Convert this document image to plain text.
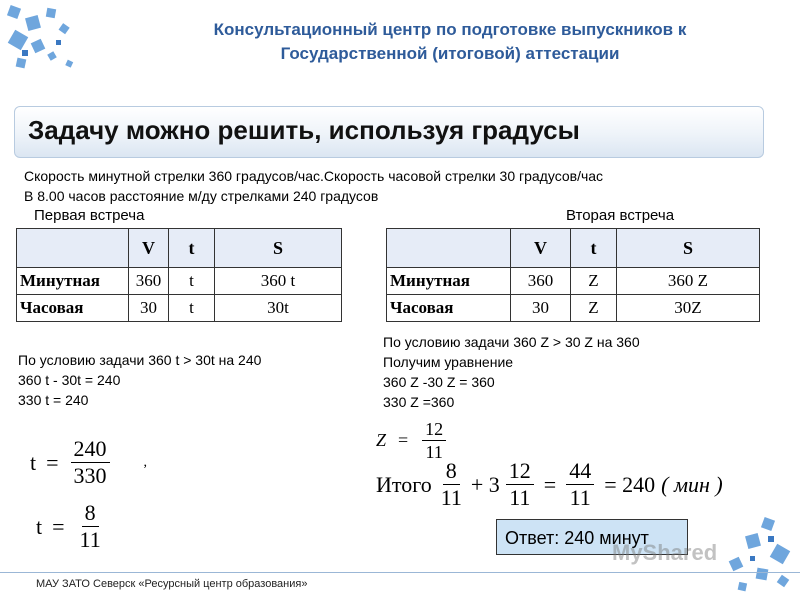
Консультационный центр по подготовке выпускников к
Государственной (итоговой) аттестации
Задачу можно решить, используя градусы
Скорость минутной стрелки 360 градусов/час.Скорость часовой стрелки 30 градусов/час
В 8.00 часов расстояние м/ду стрелками 240 градусов
Первая встреча	Вторая встреча
	V	t	S
Минутная	360	t	360 t
Часовая	30	t	30t
	V	t	S
Минутная	360	Z	360 Z
Часовая	30	Z	30Z
По условию задачи 360 t > 30t на 240
360 t - 30t = 240
330 t = 240
По условию задачи 360 Z > 30 Z на 360
Получим уравнение
360 Z -30 Z = 360
330 Z =360
$t = \frac{240}{330}$ ,
$t = \frac{8}{11}$
$Z = \frac{12}{11}$
Итого $\frac{8}{11} + 3 \frac{12}{11} = \frac{44}{11} = 240$ ( мин )
Ответ: 240 минут
MyShared
МАУ ЗАТО Северск «Ресурсный центр образования»
